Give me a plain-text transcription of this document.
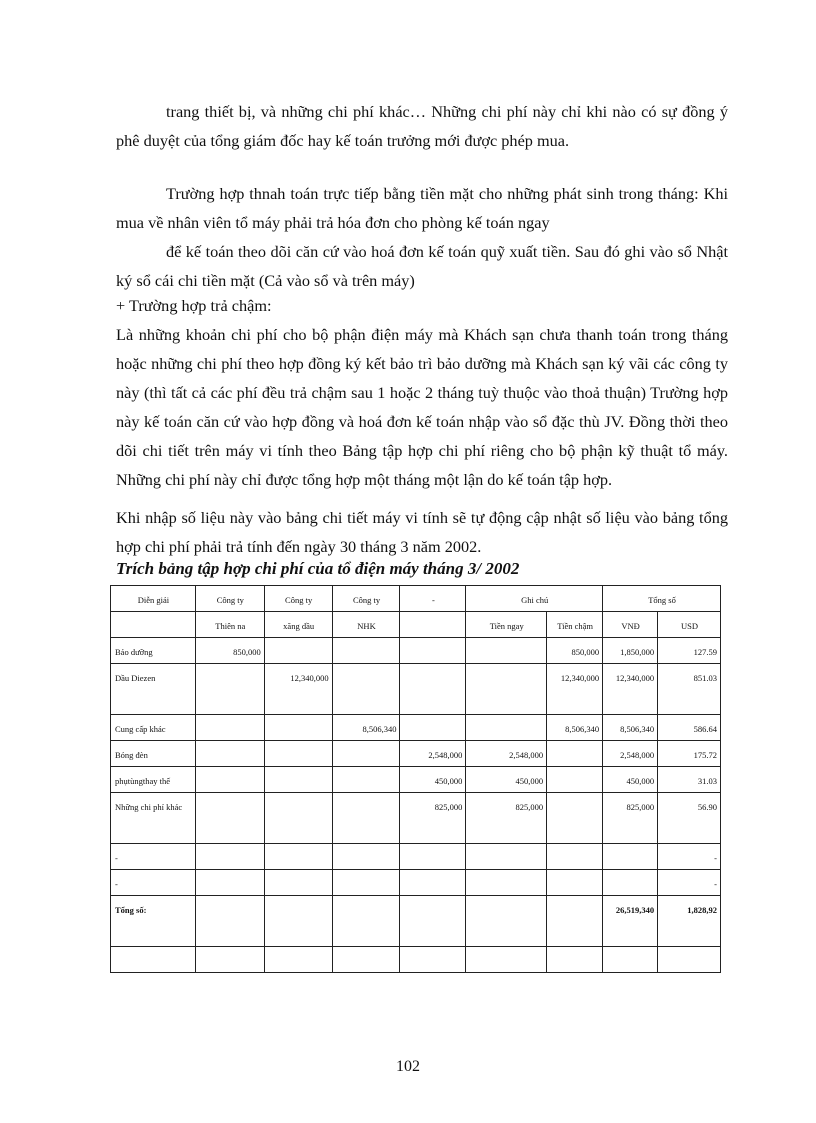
trang thiết bị, và những chi phí khác… Những chi phí này chỉ khi nào có sự đồng ý phê duyệt của tổng giám đốc hay kế toán trưởng mới được phép mua.

Trường hợp thnah toán trực tiếp bằng tiền mặt cho những phát sinh trong tháng: Khi mua về nhân viên tổ máy phải trả hóa đơn cho phòng kế toán ngay

để kế toán theo dõi căn cứ vào hoá đơn kế toán quỹ xuất tiền. Sau đó ghi vào sổ Nhật ký sổ cái chi tiền mặt (Cả vào sổ và trên máy)

+ Trường hợp trả chậm:

Là những khoản chi phí cho bộ phận điện máy mà Khách sạn chưa thanh toán trong tháng hoặc những chi phí theo hợp đồng ký kết bảo trì bảo dưỡng mà Khách sạn ký vãi các công ty này (thì tất cả các phí đều trả chậm sau 1 hoặc 2 tháng tuỳ thuộc vào thoả thuận) Trường hợp này kế toán căn cứ vào hợp đồng và hoá đơn kế toán nhập vào sổ đặc thù JV. Đồng thời theo dõi chi tiết trên máy vi tính theo Bảng tập hợp chi phí riêng cho bộ phận kỹ thuật tổ máy. Những chi phí này chỉ được tổng hợp một tháng một lận do kế toán tập hợp.

Khi nhập số liệu này vào bảng chi tiết máy vi tính sẽ tự động cập nhật số liệu vào bảng tổng hợp chi phí phải trả tính đến ngày 30 tháng 3 năm 2002.

Trích bảng tập hợp chi phí của tổ điện máy tháng 3/ 2002
Diễn giải	Công ty	Công ty	Công ty	-	Ghi chú		Tổng số	
	Thiên na	xăng dầu	NHK		Tiền ngay	Tiền chậm	VNĐ	USD
Bảo dưỡng	850,000					850,000	1,850,000	127.59
Dầu Diezen		12,340,000				12,340,000	12,340,000	851.03
Cung cấp khác			8,506,340			8,506,340	8,506,340	586.64
Bóng đèn				2,548,000	2,548,000		2,548,000	175.72
phụtùngthay thế				450,000	450,000		450,000	31.03
Những chi phí khác				825,000	825,000		825,000	56.90
-								-
-								-
Tổng số:							26,519,340	1,828,92

102
